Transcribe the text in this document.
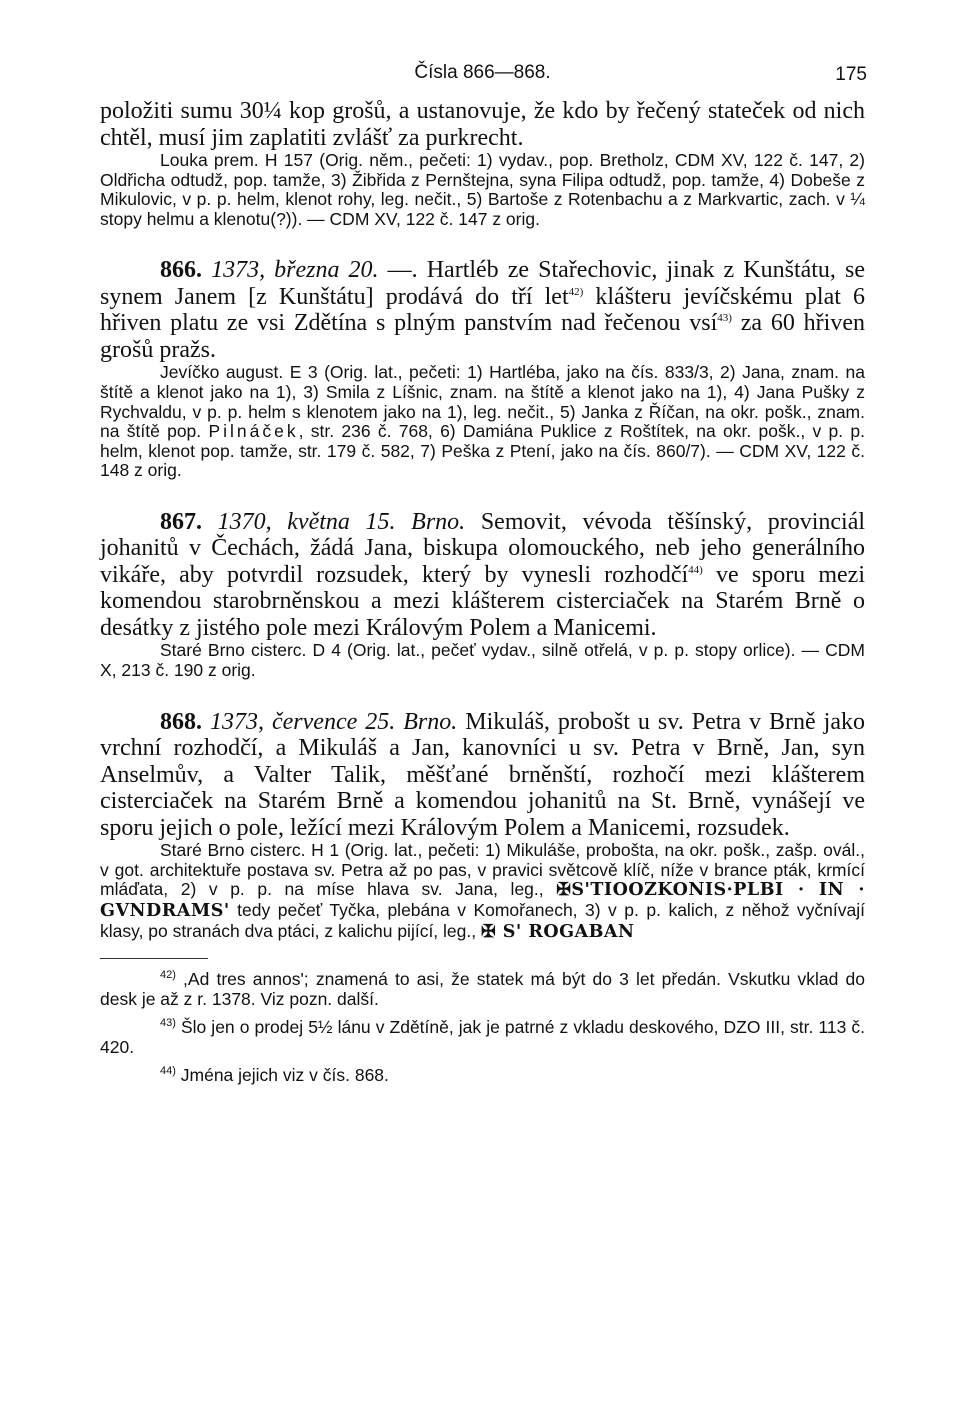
Čísla 866—868.	175

položiti sumu 30¼ kop grošů, a ustanovuje, že kdo by řečený stateček od nich chtěl, musí jim zaplatiti zvlášť za purkrecht.

Louka prem. H 157 (Orig. něm., pečeti: 1) vydav., pop. Bretholz, CDM XV, 122 č. 147, 2) Oldřicha odtudž, pop. tamže, 3) Žibřida z Pernštejna, syna Filipa odtudž, pop. tamže, 4) Dobeše z Mikulovic, v p. p. helm, klenot rohy, leg. nečit., 5) Bartoše z Rotenbachu a z Markvartic, zach. v ¼ stopy helmu a klenotu(?)). — CDM XV, 122 č. 147 z orig.

866. 1373, března 20. —. Hartléb ze Stařechovic, jinak z Kunštátu, se synem Janem [z Kunštátu] prodává do tří let$^{42)}$ klášteru jevíčskému plat 6 hřiven platu ze vsi Zdětína s plným panstvím nad řečenou vsí$^{43)}$ za 60 hřiven grošů pražs.

Jevíčko august. E 3 (Orig. lat., pečeti: 1) Hartléba, jako na čís. 833/3, 2) Jana, znam. na štítě a klenot jako na 1), 3) Smila z Líšnic, znam. na štítě a klenot jako na 1), 4) Jana Pušky z Rychvaldu, v p. p. helm s klenotem jako na 1), leg. nečit., 5) Janka z Říčan, na okr. pošk., znam. na štítě pop. Pilnáček, str. 236 č. 768, 6) Damiána Puklice z Roštítek, na okr. pošk., v p. p. helm, klenot pop. tamže, str. 179 č. 582, 7) Peška z Ptení, jako na čís. 860/7). — CDM XV, 122 č. 148 z orig.

867. 1370, května 15. Brno. Semovit, vévoda těšínský, provinciál johanitů v Čechách, žádá Jana, biskupa olomouckého, neb jeho generálního vikáře, aby potvrdil rozsudek, který by vynesli rozhodčí$^{44)}$ ve sporu mezi komendou starobrněnskou a mezi klášterem cisterciaček na Starém Brně o desátky z jistého pole mezi Královým Polem a Manicemi.

Staré Brno cisterc. D 4 (Orig. lat., pečeť vydav., silně otřelá, v p. p. stopy orlice). — CDM X, 213 č. 190 z orig.

868. 1373, července 25. Brno. Mikuláš, probošt u sv. Petra v Brně jako vrchní rozhodčí, a Mikuláš a Jan, kanovníci u sv. Petra v Brně, Jan, syn Anselmův, a Valter Talik, měšťané brněnští, rozhočí mezi klášterem cisterciaček na Starém Brně a komendou johanitů na St. Brně, vynášejí ve sporu jejich o pole, ležící mezi Královým Polem a Manicemi, rozsudek.

Staré Brno cisterc. H 1 (Orig. lat., pečeti: 1) Mikuláše, probošta, na okr. pošk., zašp. ovál., v got. architektuře postava sv. Petra až po pas, v pravici světcově klíč, níže v brance pták, krmící mláďata, 2) v p. p. na míse hlava sv. Jana, leg., ✠S'TIOOZKONIS·PLBI · IN · GVNDRAMS' tedy pečeť Tyčka, plebána v Komořanech, 3) v p. p. kalich, z něhož vyčnívají klasy, po stranách dva ptáci, z kalichu pijící, leg., ✠ S' ROGABAN

$^{42)}$ ,Ad tres annos'; znamená to asi, že statek má být do 3 let předán. Vskutku vklad do desk je až z r. 1378. Viz pozn. další.

$^{43)}$ Šlo jen o prodej 5½ lánu v Zdětíně, jak je patrné z vkladu deskového, DZO III, str. 113 č. 420.

$^{44)}$ Jména jejich viz v čís. 868.
